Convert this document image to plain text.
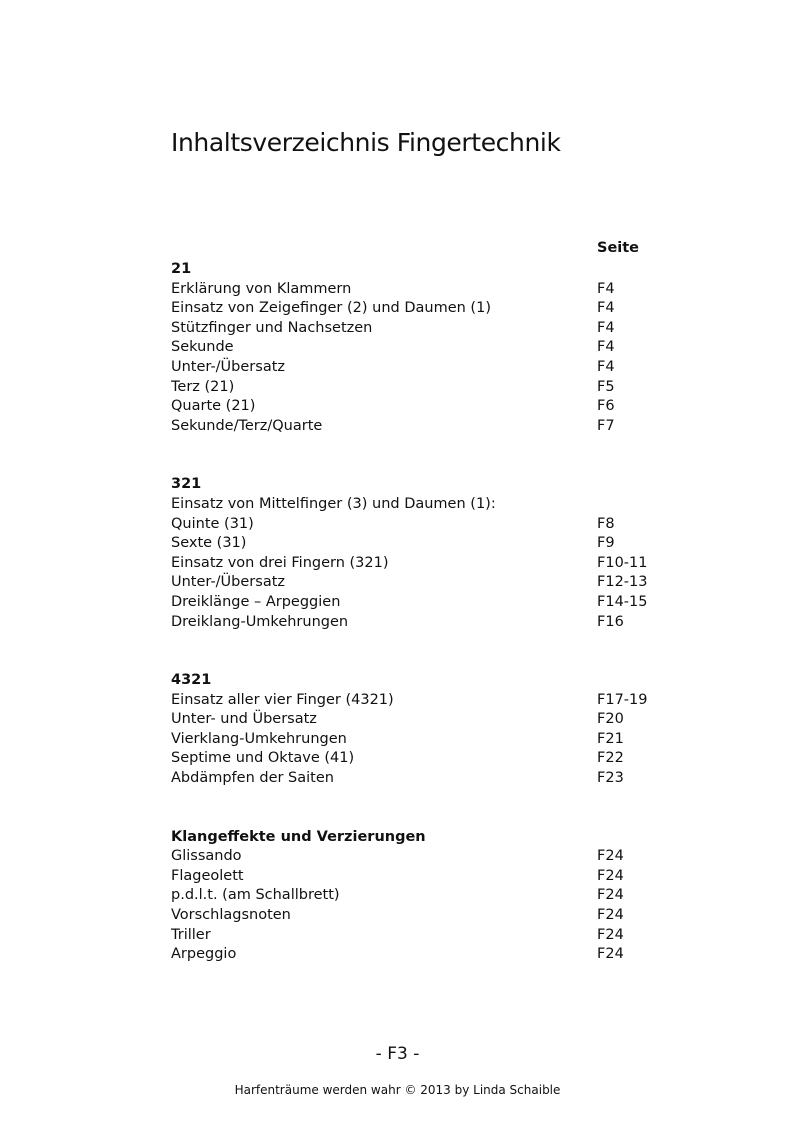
Inhaltsverzeichnis Fingertechnik
Seite
21
Erklärung von Klammern	F4
Einsatz von Zeigefinger (2) und Daumen (1)	F4
Stützfinger und Nachsetzen	F4
Sekunde	F4
Unter-/Übersatz	F4
Terz (21)	F5
Quarte (21)	F6
Sekunde/Terz/Quarte	F7
321
Einsatz von Mittelfinger (3) und Daumen (1):
Quinte (31)	F8
Sexte (31)	F9
Einsatz von drei Fingern (321)	F10-11
Unter-/Übersatz	F12-13
Dreiklänge – Arpeggien	F14-15
Dreiklang-Umkehrungen	F16
4321
Einsatz aller vier Finger (4321)	F17-19
Unter- und Übersatz	F20
Vierklang-Umkehrungen	F21
Septime und Oktave (41)	F22
Abdämpfen der Saiten	F23
Klangeffekte und Verzierungen
Glissando	F24
Flageolett	F24
p.d.l.t. (am Schallbrett)	F24
Vorschlagsnoten	F24
Triller	F24
Arpeggio	F24
- F3 -
Harfenträume werden wahr © 2013 by Linda Schaible
